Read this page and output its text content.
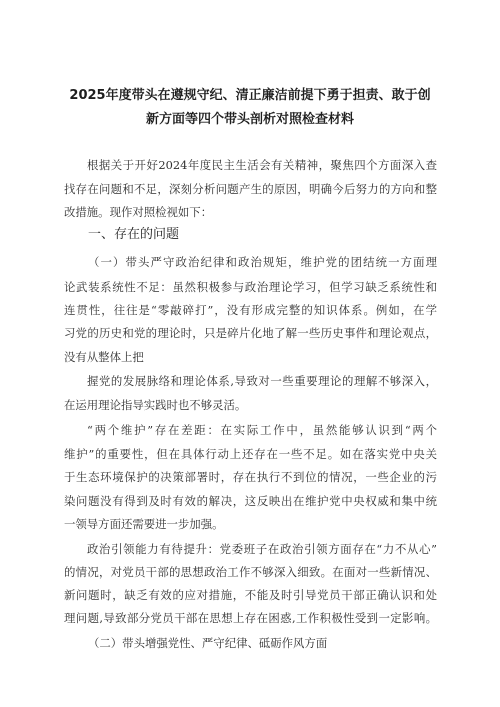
2025年度带头在遵规守纪、清正廉洁前提下勇于担责、敢于创
新方面等四个带头剖析对照检查材料
根据关于开好2024年度民主生活会有关精神，聚焦四个方面深入查
找存在问题和不足，深刻分析问题产生的原因，明确今后努力的方向和整
改措施。现作对照检视如下：
一、存在的问题
（一）带头严守政治纪律和政治规矩，维护党的团结统一方面理
论武装系统性不足：虽然积极参与政治理论学习，但学习缺乏系统性和
连贯性，往往是“零敲碎打”，没有形成完整的知识体系。例如，在学
习党的历史和党的理论时，只是碎片化地了解一些历史事件和理论观点，
没有从整体上把
握党的发展脉络和理论体系,导致对一些重要理论的理解不够深入，
在运用理论指导实践时也不够灵活。
“两个维护”存在差距：在实际工作中，虽然能够认识到“两个
维护”的重要性，但在具体行动上还存在一些不足。如在落实党中央关
于生态环境保护的决策部署时，存在执行不到位的情况，一些企业的污
染问题没有得到及时有效的解决，这反映出在维护党中央权威和集中统
一领导方面还需要进一步加强。
政治引领能力有待提升：党委班子在政治引领方面存在“力不从心”
的情况，对党员干部的思想政治工作不够深入细致。在面对一些新情况、
新问题时，缺乏有效的应对措施，不能及时引导党员干部正确认识和处
理问题,导致部分党员干部在思想上存在困惑,工作积极性受到一定影响。
（二）带头增强党性、严守纪律、砥砺作风方面
